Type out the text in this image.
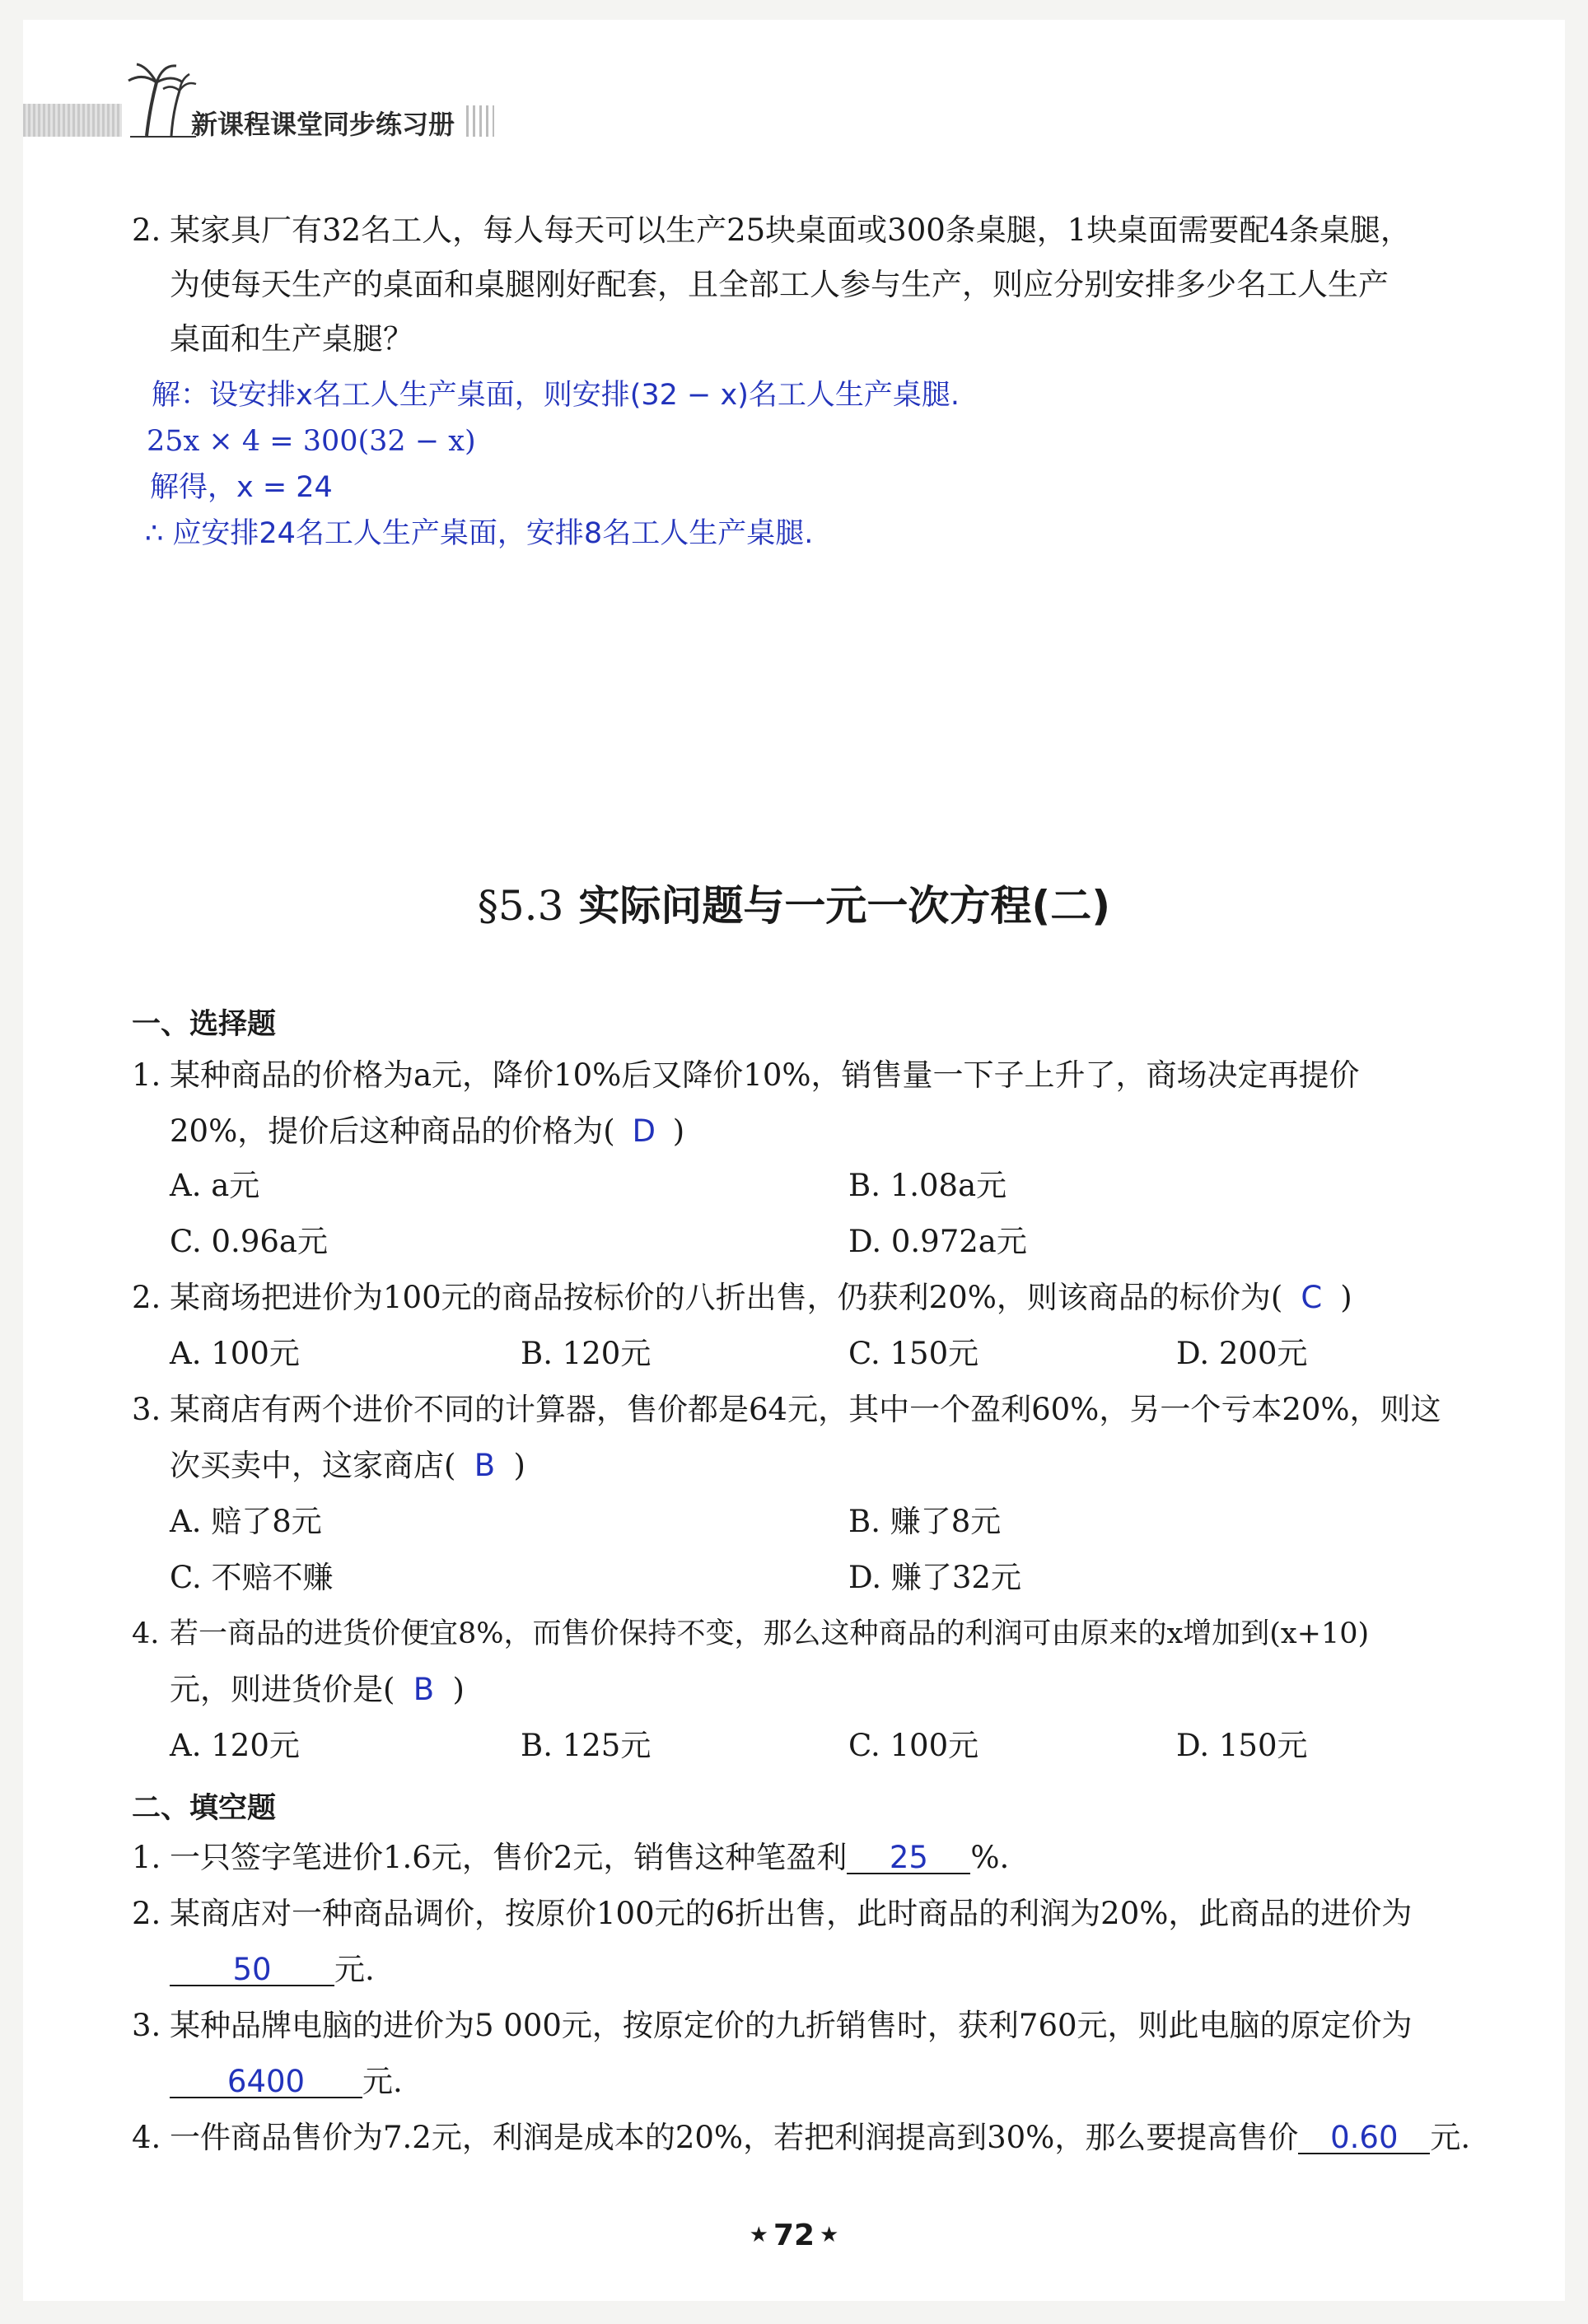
新课程课堂同步练习册
2. 某家具厂有32名工人，每人每天可以生产25块桌面或300条桌腿，1块桌面需要配4条桌腿，
为使每天生产的桌面和桌腿刚好配套，且全部工人参与生产，则应分别安排多少名工人生产
桌面和生产桌腿？
解：设安排x名工人生产桌面，则安排(32 − x)名工人生产桌腿.
25x × 4 = 300(32 − x)
解得，x = 24
∴ 应安排24名工人生产桌面，安排8名工人生产桌腿.
§5.3 实际问题与一元一次方程(二)
一、选择题
1. 某种商品的价格为a元，降价10%后又降价10%，销售量一下子上升了，商场决定再提价
20%，提价后这种商品的价格为( D )
A. a元	B. 1.08a元
C. 0.96a元	D. 0.972a元
2. 某商场把进价为100元的商品按标价的八折出售，仍获利20%，则该商品的标价为( C )
A. 100元	B. 120元	C. 150元	D. 200元
3. 某商店有两个进价不同的计算器，售价都是64元，其中一个盈利60%，另一个亏本20%，则这
次买卖中，这家商店( B )
A. 赔了8元	B. 赚了8元
C. 不赔不赚	D. 赚了32元
4. 若一商品的进货价便宜8%，而售价保持不变，那么这种商品的利润可由原来的x增加到(x+10)
元，则进货价是( B )
A. 120元	B. 125元	C. 100元	D. 150元
二、填空题
1. 一只签字笔进价1.6元，售价2元，销售这种笔盈利 25 %.
2. 某商店对一种商品调价，按原价100元的6折出售，此时商品的利润为20%，此商品的进价为
50 元.
3. 某种品牌电脑的进价为5 000元，按原定价的九折销售时，获利760元，则此电脑的原定价为
6400 元.
4. 一件商品售价为7.2元，利润是成本的20%，若把利润提高到30%，那么要提高售价 0.60 元.
★ 72 ★
